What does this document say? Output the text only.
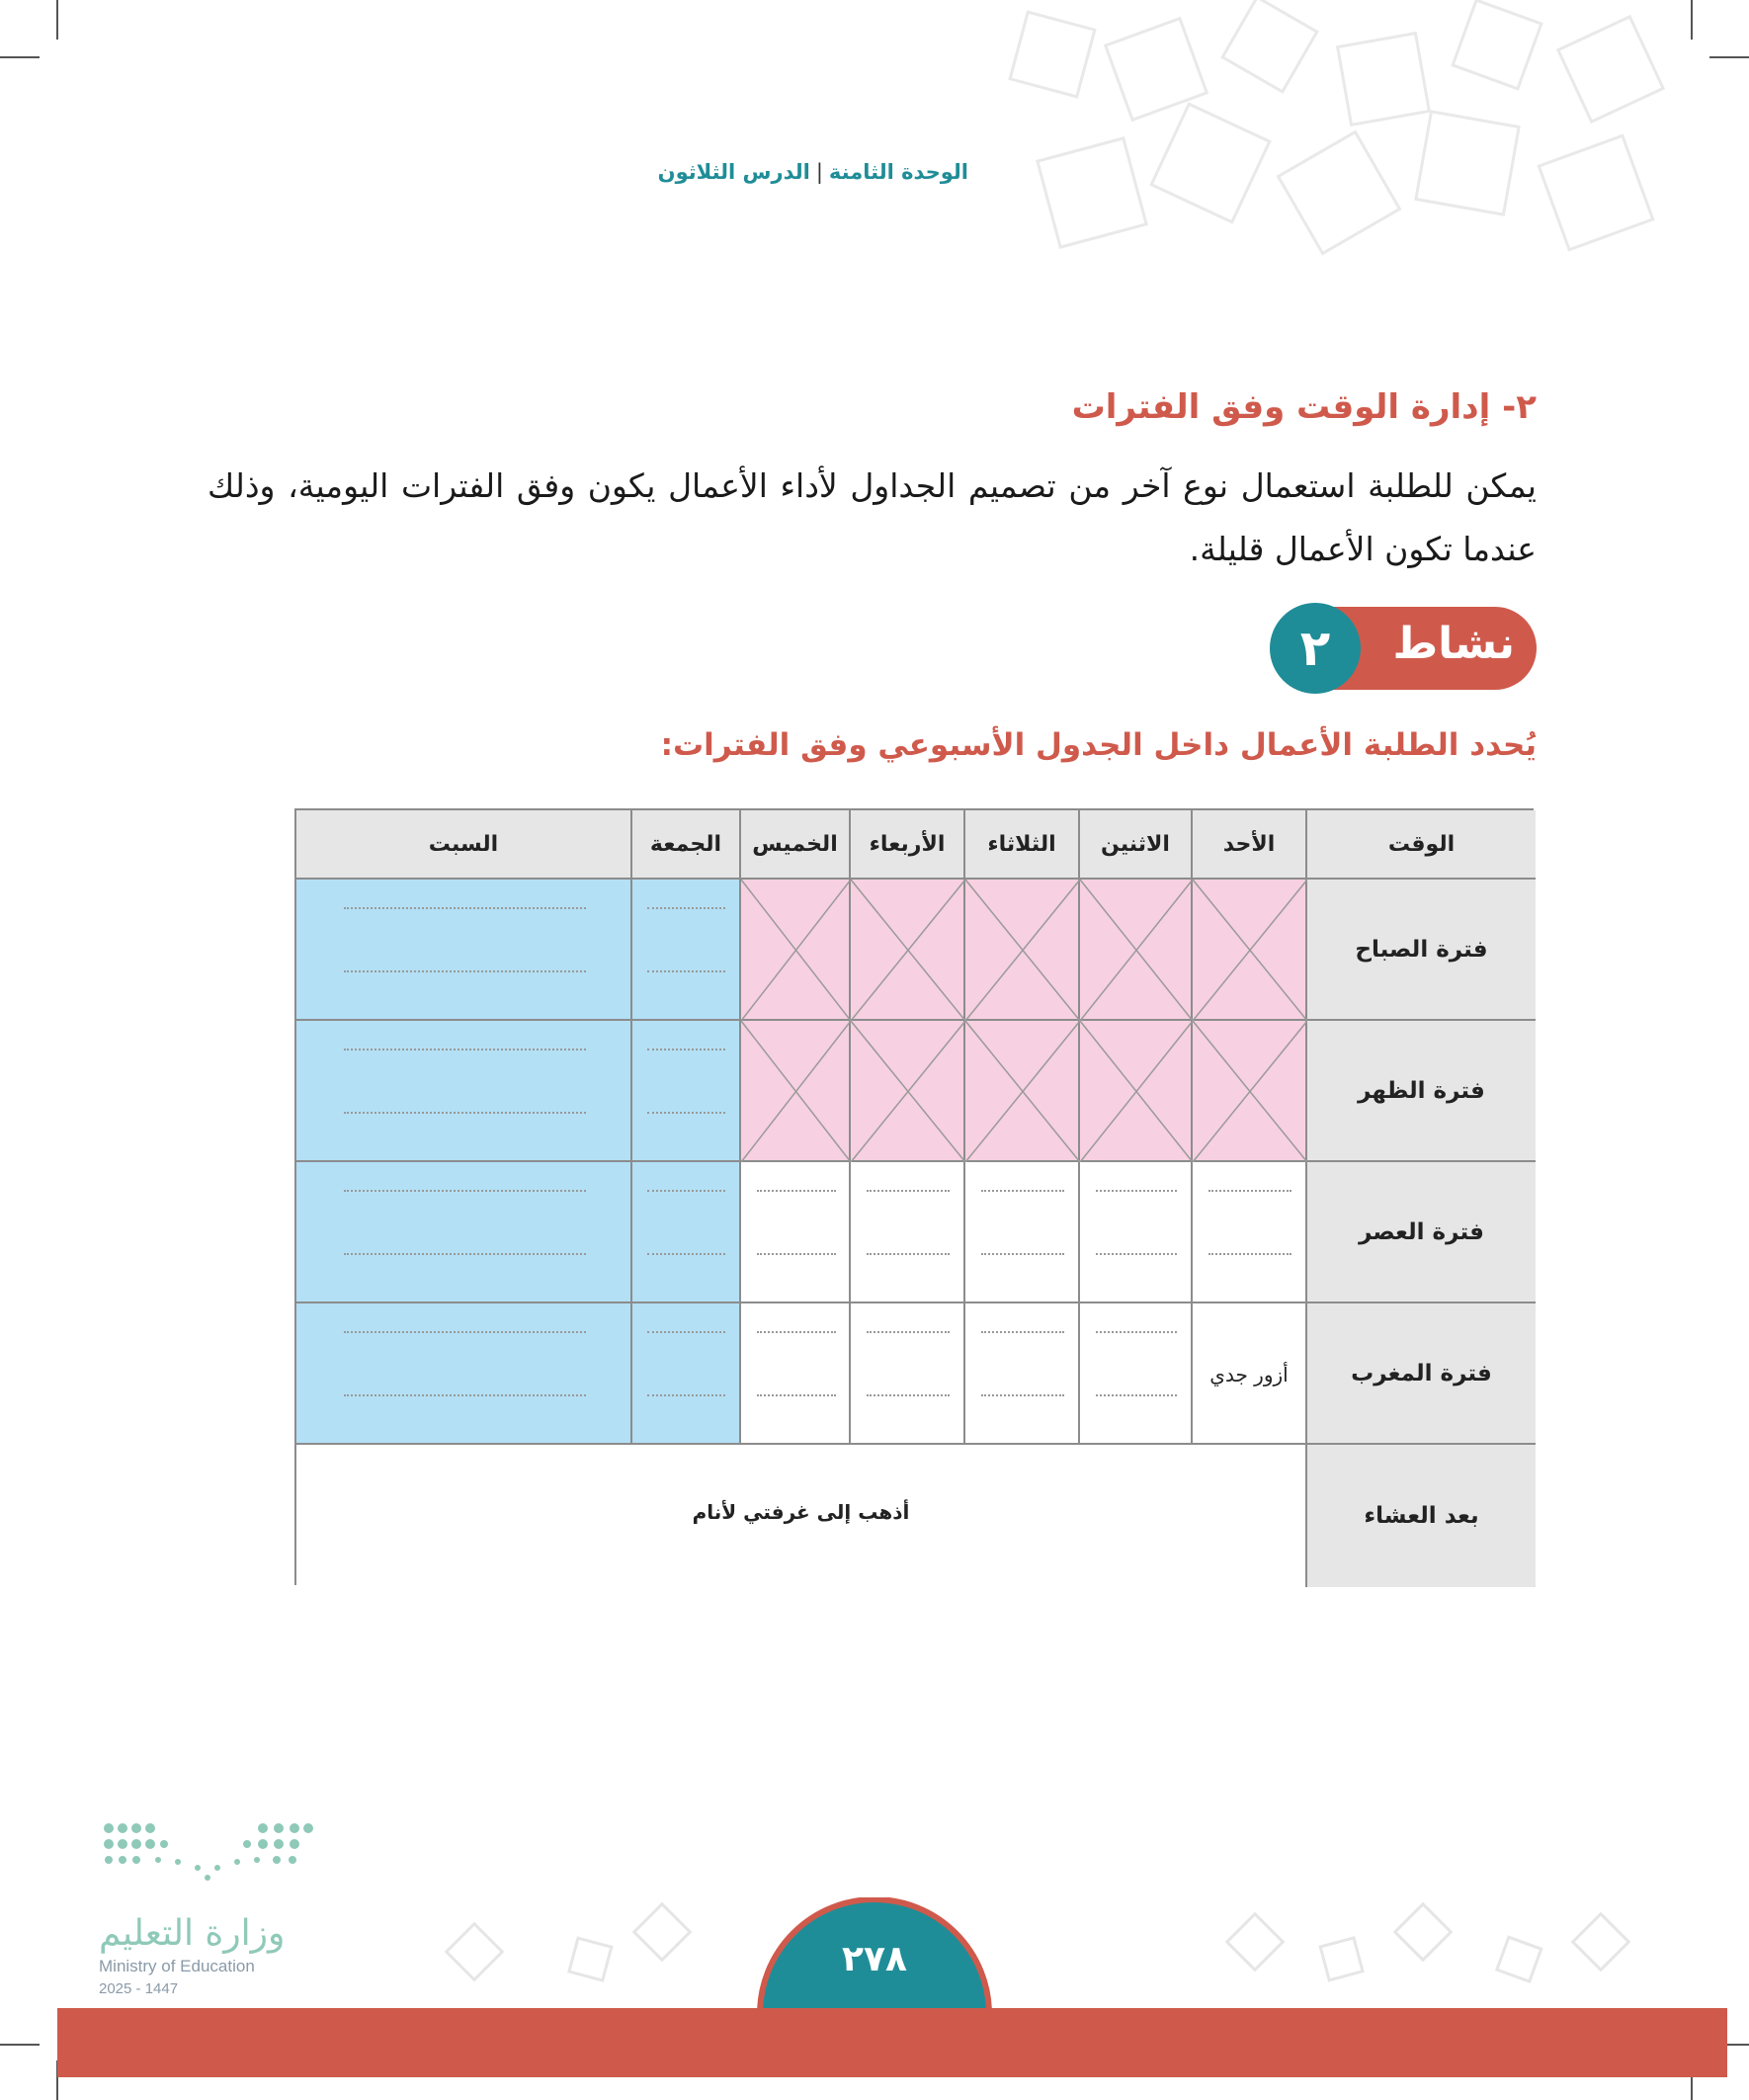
الوحدة الثامنة|الدرس الثلاثون
٢- إدارة الوقت وفق الفترات
يمكن للطلبة استعمال نوع آخر من تصميم الجداول لأداء الأعمال يكون وفق الفترات اليومية، وذلك عندما تكون الأعمال قليلة.
نشاط
٢
يُحدد الطلبة الأعمال داخل الجدول الأسبوعي وفق الفترات:
الوقت
الأحد
الاثنين
الثلاثاء
الأربعاء
الخميس
الجمعة
السبت
فترة الصباح
فترة الظهر
فترة العصر
فترة المغرب
أزور جدي
بعد العشاء
أذهب إلى غرفتي لأنام
٢٧٨
وزارة التعليم
Ministry of Education
2025 - 1447
